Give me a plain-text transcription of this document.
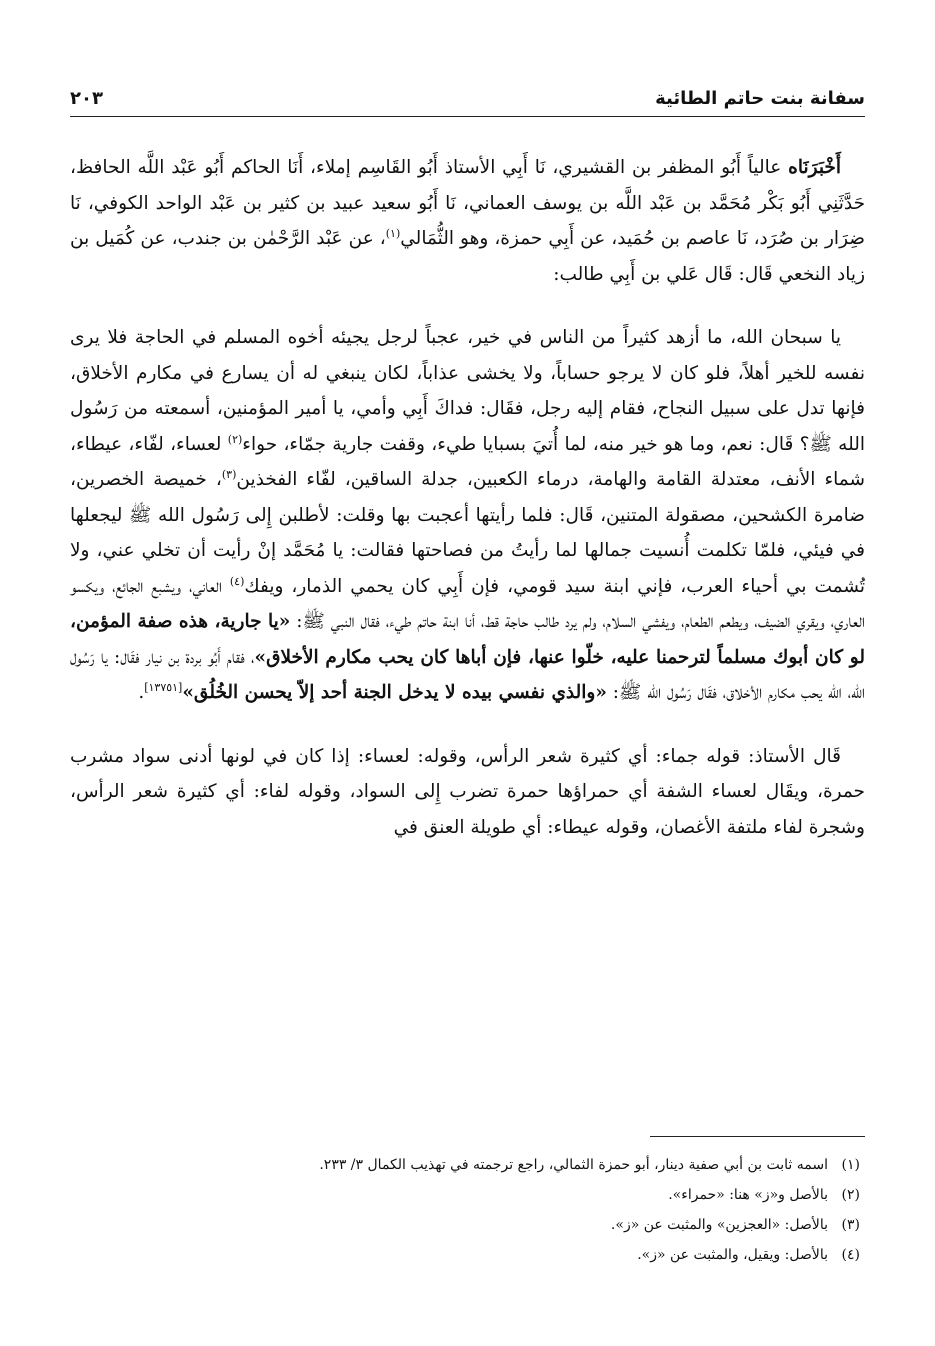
سفانة بنت حاتم الطائية
٢٠٣

أَخْبَرَنَاه عالياً أَبُو المظفر بن القشيري، نَا أَبِي الأستاذ أَبُو القَاسِم إملاء، أَنَا الحاكم أَبُو عَبْد اللَّه الحافظ، حَدَّثَنِي أَبُو بَكْر مُحَمَّد بن عَبْد اللَّه بن يوسف العماني، نَا أَبُو سعيد عبيد بن كثير بن عَبْد الواحد الكوفي، نَا ضِرَار بن صُرَد، نَا عاصم بن حُمَيد، عن أَبِي حمزة، وهو الثُّمَالي$^{(١)}$، عن عَبْد الرَّحْمٰن بن جندب، عن كُمَيل بن زياد النخعي قَال: قَال عَلي بن أَبِي طالب:

يا سبحان الله، ما أزهد كثيراً من الناس في خير، عجباً لرجل يجيئه أخوه المسلم في الحاجة فلا يرى نفسه للخير أهلاً، فلو كان لا يرجو حساباً، ولا يخشى عذاباً، لكان ينبغي له أن يسارع في مكارم الأخلاق، فإنها تدل على سبيل النجاح، فقام إليه رجل، فقَال: فداكَ أَبِي وأمي، يا أمير المؤمنين، أسمعته من رَسُول الله ﷺ؟ قَال: نعم، وما هو خير منه، لما أُتيَ بسبايا طيء، وقفت جارية جمّاء، حواء$^{(٢)}$ لعساء، لفّاء، عيطاء، شماء الأنف، معتدلة القامة والهامة، درماء الكعبين، جدلة الساقين، لفّاء الفخذين$^{(٣)}$، خميصة الخصرين، ضامرة الكشحين، مصقولة المتنين، قَال: فلما رأيتها أعجبت بها وقلت: لأطلبن إِلى رَسُول الله ﷺ ليجعلها في فيئي، فلمّا تكلمت أُنسيت جمالها لما رأيتُ من فصاحتها فقالت: يا مُحَمَّد إنْ رأيت أن تخلي عني، ولا تُشمت بي أحياء العرب، فإني ابنة سيد قومي، فإن أَبِي كان يحمي الذمار، ويفك$^{(٤)}$ العاني، ويشبع الجائع، ويكسو العاري، ويقري الضيف، ويطعم الطعام، ويفشي السلام، ولم يرد طالب حاجة قط، أنا ابنة حاتم طيء، فقال النبي ﷺ: «يا جارية، هذه صفة المؤمن، لو كان أبوك مسلماً لترحمنا عليه، خلّوا عنها، فإن أباها كان يحب مكارم الأخلاق»، فقام أَبُو بردة بن نيار فقَال: يا رَسُول الله، الله يحب مكارم الأخلاق، فقَال رَسُول الله ﷺ: «والذي نفسي بيده لا يدخل الجنة أحد إلاّ يحسن الخُلُق»[١٣٧٥١].

قَال الأستاذ: قوله جماء: أي كثيرة شعر الرأس، وقوله: لعساء: إذا كان في لونها أدنى سواد مشرب حمرة، ويقَال لعساء الشفة أي حمراؤها حمرة تضرب إِلى السواد، وقوله لفاء: أي كثيرة شعر الرأس، وشجرة لفاء ملتفة الأغصان، وقوله عيطاء: أي طويلة العنق في

(١)
اسمه ثابت بن أبي صفية دينار، أبو حمزة الثمالي، راجع ترجمته في تهذيب الكمال ٣/ ٢٣٣.
(٢)
بالأصل و«ز» هنا: «حمراء».
(٣)
بالأصل: «العجزين» والمثبت عن «ز».
(٤)
بالأصل: ويقيل، والمثبت عن «ز».
